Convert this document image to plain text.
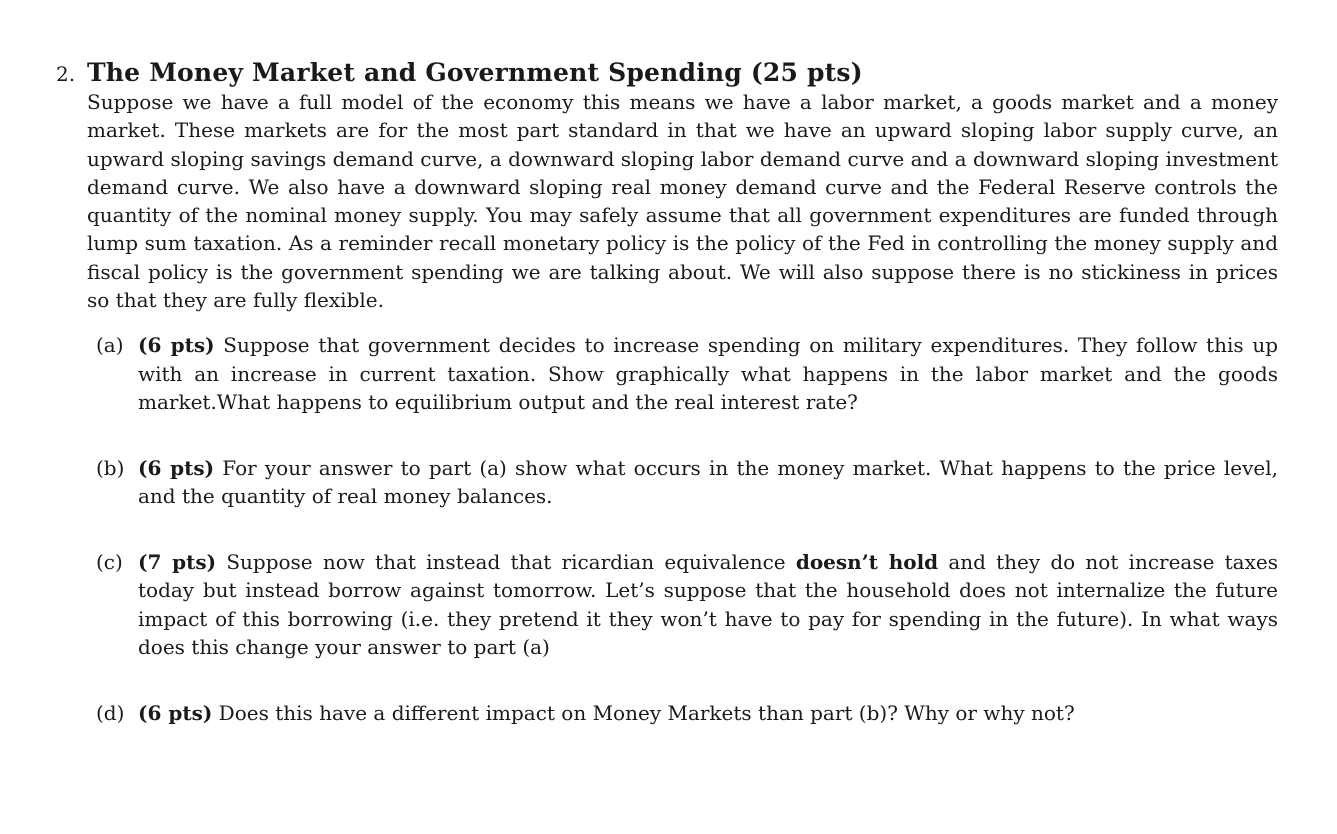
2. The Money Market and Government Spending (25 pts)
Suppose we have a full model of the economy this means we have a labor market, a goods market and a money market. These markets are for the most part standard in that we have an upward sloping labor supply curve, an upward sloping savings demand curve, a downward sloping labor demand curve and a downward sloping investment demand curve. We also have a downward sloping real money demand curve and the Federal Reserve controls the quantity of the nominal money supply. You may safely assume that all government expenditures are funded through lump sum taxation. As a reminder recall monetary policy is the policy of the Fed in controlling the money supply and fiscal policy is the government spending we are talking about. We will also suppose there is no stickiness in prices so that they are fully flexible.
(a) (6 pts) Suppose that government decides to increase spending on military expenditures. They follow this up with an increase in current taxation. Show graphically what happens in the labor market and the goods market.What happens to equilibrium output and the real interest rate?
(b) (6 pts) For your answer to part (a) show what occurs in the money market. What happens to the price level, and the quantity of real money balances.
(c) (7 pts) Suppose now that instead that ricardian equivalence doesn’t hold and they do not increase taxes today but instead borrow against tomorrow. Let’s suppose that the household does not internalize the future impact of this borrowing (i.e. they pretend it they won’t have to pay for spending in the future). In what ways does this change your answer to part (a)
(d) (6 pts) Does this have a different impact on Money Markets than part (b)? Why or why not?
